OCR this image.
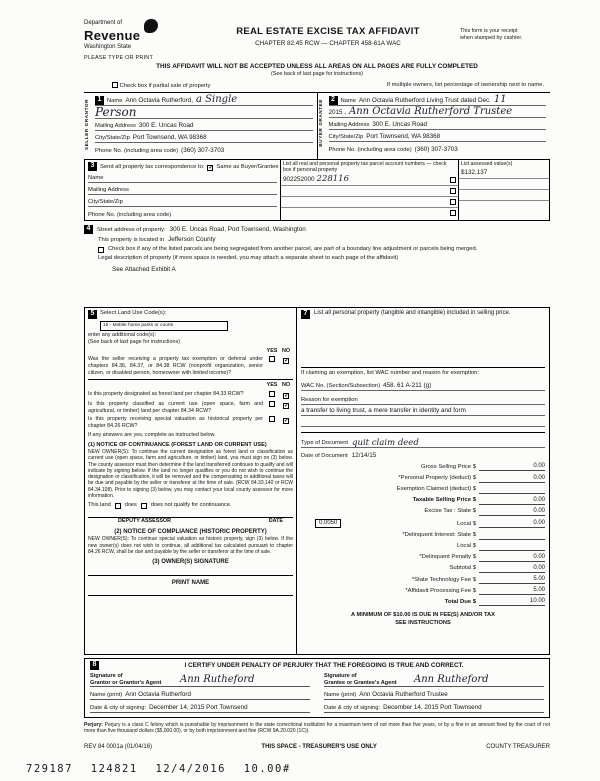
Department of
Revenue
Washington State
PLEASE TYPE OR PRINT
REAL ESTATE EXCISE TAX AFFIDAVIT
CHAPTER 82.45 RCW — CHAPTER 458-61A WAC
This form is your receipt
when stamped by cashier.
THIS AFFIDAVIT WILL NOT BE ACCEPTED UNLESS ALL AREAS ON ALL PAGES ARE FULLY COMPLETED
(See back of last page for instructions)
Check box if partial sale of property	If multiple owners, list percentage of ownership next to name.
SELLER GRANTOR	1 Name Ann Octavia Rutherford, a Single
Person
Mailing Address 300 E. Uncas Road
City/State/Zip Port Townsend, WA 98368
Phone No. (including area code) (360) 307-3703
BUYER GRANTEE	2 Name Ann Octavia Rutherford Living Trust dated Dec. 11
2015 , Ann Octavia Rutherford Trustee
Mailing Address 300 E. Uncas Road
City/State/Zip Port Townsend, WA 98368
Phone No. (including area code) (360) 307-3703
3 Send all property tax correspondence to: ✓ Same as Buyer/Grantee
Name
Mailing Address
City/State/Zip
Phone No. (including area code)
List all real and personal property tax parcel account numbers — check box if personal property
902252000 228116
List assessed value(s)
$132,137
4	Street address of property: 300 E. Uncas Road, Port Townsend, Washington
This property is located in Jefferson County
Check box if any of the listed parcels are being segregated from another parcel, are part of a boundary line adjustment or parcels being merged.
Legal description of property (if more space is needed, you may attach a separate sheet to each page of the affidavit)
See Attached Exhibit A
5 Select Land Use Code(s):
15 - Mobile home parks or courts
enter any additional code(s):
(See back of last page for instructions)
YES NO
Was the seller receiving a property tax exemption or deferral under chapters 84.36, 84.37, or 84.38 RCW (nonprofit organization, senior citizen, or disabled person, homeowner with limited income)?
✓
YES NO
Is this property designated as forest land per chapter 84.33 RCW?	✓
Is this property classified as current use (open space, farm and agricultural, or timber) land per chapter 84.34 RCW?
✓
Is this property receiving special valuation as historical property per chapter 84.26 RCW?
✓
If any answers are yes, complete as instructed below.
(1) NOTICE OF CONTINUANCE (FOREST LAND OR CURRENT USE)
NEW OWNER(S): To continue the current designation as forest land or classification as current use (open space, farm and agriculture, or timber) land, you must sign on (3) below. The county assessor must then determine if the land transferred continues to qualify and will indicate by signing below. If the land no longer qualifies or you do not wish to continue the designation or classification, it will be removed and the compensating or additional taxes will be due and payable by the seller or transferor at the time of sale. (RCW 84.33.140 or RCW 84.34.108). Prior to signing (3) below, you may contact your local county assessor for more information.
This land	does	does not qualify for continuance.
DEPUTY ASSESSOR	DATE
(2) NOTICE OF COMPLIANCE (HISTORIC PROPERTY)
NEW OWNER(S): To continue special valuation as historic property, sign (3) below. If the new owner(s) does not wish to continue, all additional tax calculated pursuant to chapter 84.26 RCW, shall be due and payable by the seller or transferor at the time of sale.
(3) OWNER(S) SIGNATURE
PRINT NAME
7	List all personal property (tangible and intangible) included in selling price.
If claiming an exemption, list WAC number and reason for exemption:
WAC No. (Section/Subsection) 458. 61 A-211 (g)
Reason for exemption
a transfer to living trust, a mere transfer in identity and form
Type of Document quit claim deed
Date of Document 12/14/15
Gross Selling Price $	0.00
*Personal Property (deduct) $	0.00
Exemption Claimed (deduct) $
Taxable Selling Price $	0.00
Excise Tax : State $	0.00
0.0050	Local $	0.00
*Delinquent Interest: State $
Local $
*Delinquent Penalty $	0.00
Subtotal $	0.00
*State Technology Fee $	5.00
*Affidavit Processing Fee $	5.00
Total Due $	10.00
A MINIMUM OF $10.00 IS DUE IN FEE(S) AND/OR TAX
SEE INSTRUCTIONS
8	I CERTIFY UNDER PENALTY OF PERJURY THAT THE FOREGOING IS TRUE AND CORRECT.
Signature of
Grantor or Grantor's Agent Ann Rutheford
Name (print) Ann Octavia Rutherford
Date & city of signing: December 14, 2015 Port Townsend
Signature of
Grantee or Grantee's Agent Ann Rutheford
Name (print) Ann Octavia Rutherford Trustee
Date & city of signing: December 14, 2015 Port Townsend
Perjury: Perjury is a class C felony which is punishable by imprisonment in the state correctional institution for a maximum term of not more than five years, or by a fine in an amount fixed by the court of not more than five thousand dollars ($5,000.00), or by both imprisonment and fine (RCW 9A.20.020 (1C)).
REV 84 0001a (01/04/16)	THIS SPACE - TREASURER'S USE ONLY	COUNTY TREASURER
729187 124821 12/4/2016 10.00#
